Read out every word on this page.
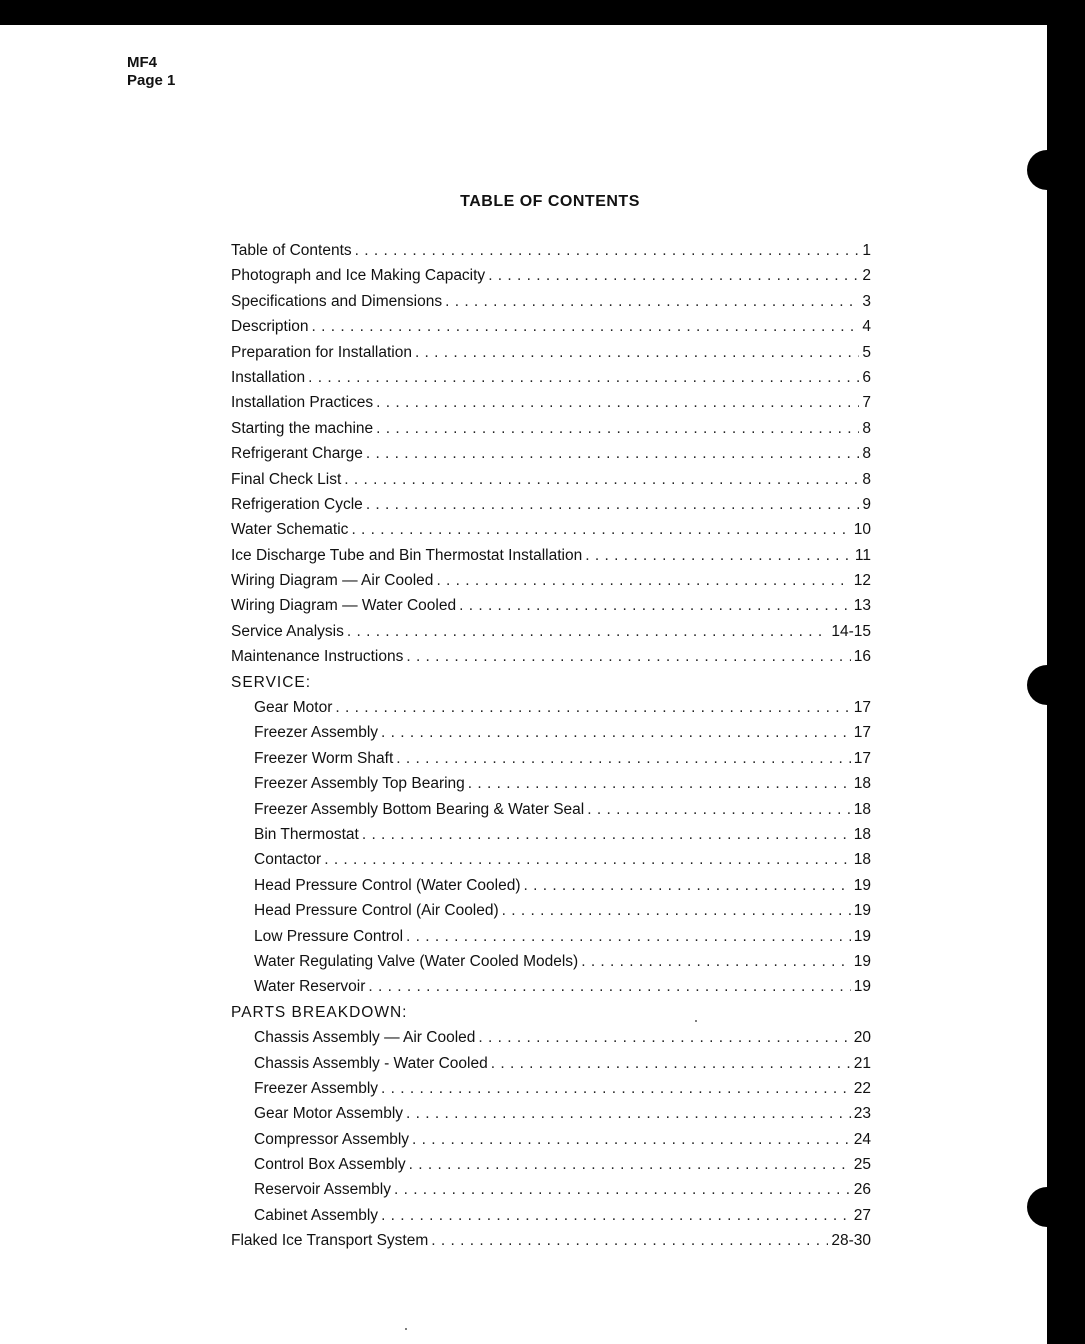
MF4
Page 1
TABLE OF CONTENTS
Table of Contents . . .	1
Photograph and Ice Making Capacity . . .	2
Specifications and Dimensions . . .	3
Description . . .	4
Preparation for Installation . . .	5
Installation . . .	6
Installation Practices . . .	7
Starting the machine . . .	8
Refrigerant Charge . . .	8
Final Check List . . .	8
Refrigeration Cycle . . .	9
Water Schematic . . .	10
Ice Discharge Tube and Bin Thermostat Installation . . .	11
Wiring Diagram — Air Cooled . . .	12
Wiring Diagram — Water Cooled . . .	13
Service Analysis . . .	14-15
Maintenance Instructions . . .	16
SERVICE:
Gear Motor . . .	17
Freezer Assembly . . .	17
Freezer Worm Shaft . . .	17
Freezer Assembly Top Bearing . . .	18
Freezer Assembly Bottom Bearing & Water Seal . . .	18
Bin Thermostat . . .	18
Contactor . . .	18
Head Pressure Control (Water Cooled) . . .	19
Head Pressure Control (Air Cooled) . . .	19
Low Pressure Control . . .	19
Water Regulating Valve (Water Cooled Models) . . .	19
Water Reservoir . . .	19
PARTS BREAKDOWN:
Chassis Assembly — Air Cooled . . .	20
Chassis Assembly - Water Cooled . . .	21
Freezer Assembly . . .	22
Gear Motor Assembly . . .	23
Compressor Assembly . . .	24
Control Box Assembly . . .	25
Reservoir Assembly . . .	26
Cabinet Assembly . . .	27
Flaked Ice Transport System . . .	28-30
